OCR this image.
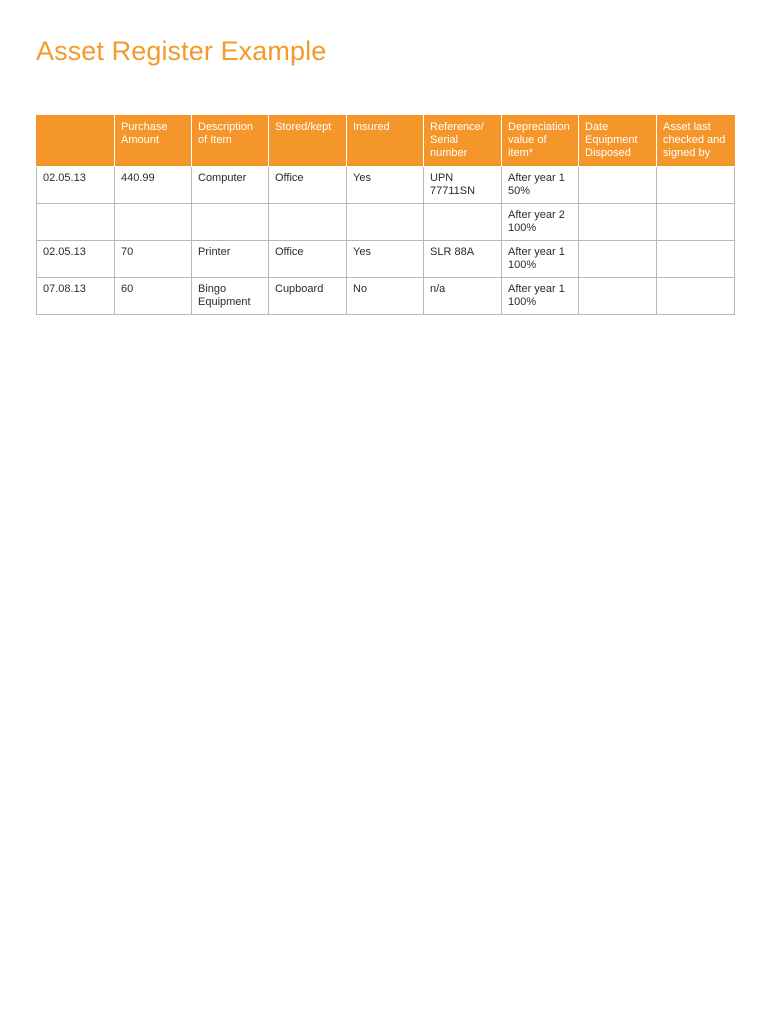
Asset Register Example
	Purchase Amount	Description of Item	Stored/kept	Insured	Reference/ Serial number	Depreciation value of item*	Date Equipment Disposed	Asset last checked and signed by
02.05.13	440.99	Computer	Office	Yes	UPN 77711SN	After year 1 50%		
						After year 2 100%		
02.05.13	70	Printer	Office	Yes	SLR 88A	After year 1 100%		
07.08.13	60	Bingo Equipment	Cupboard	No	n/a	After year 1 100%		
